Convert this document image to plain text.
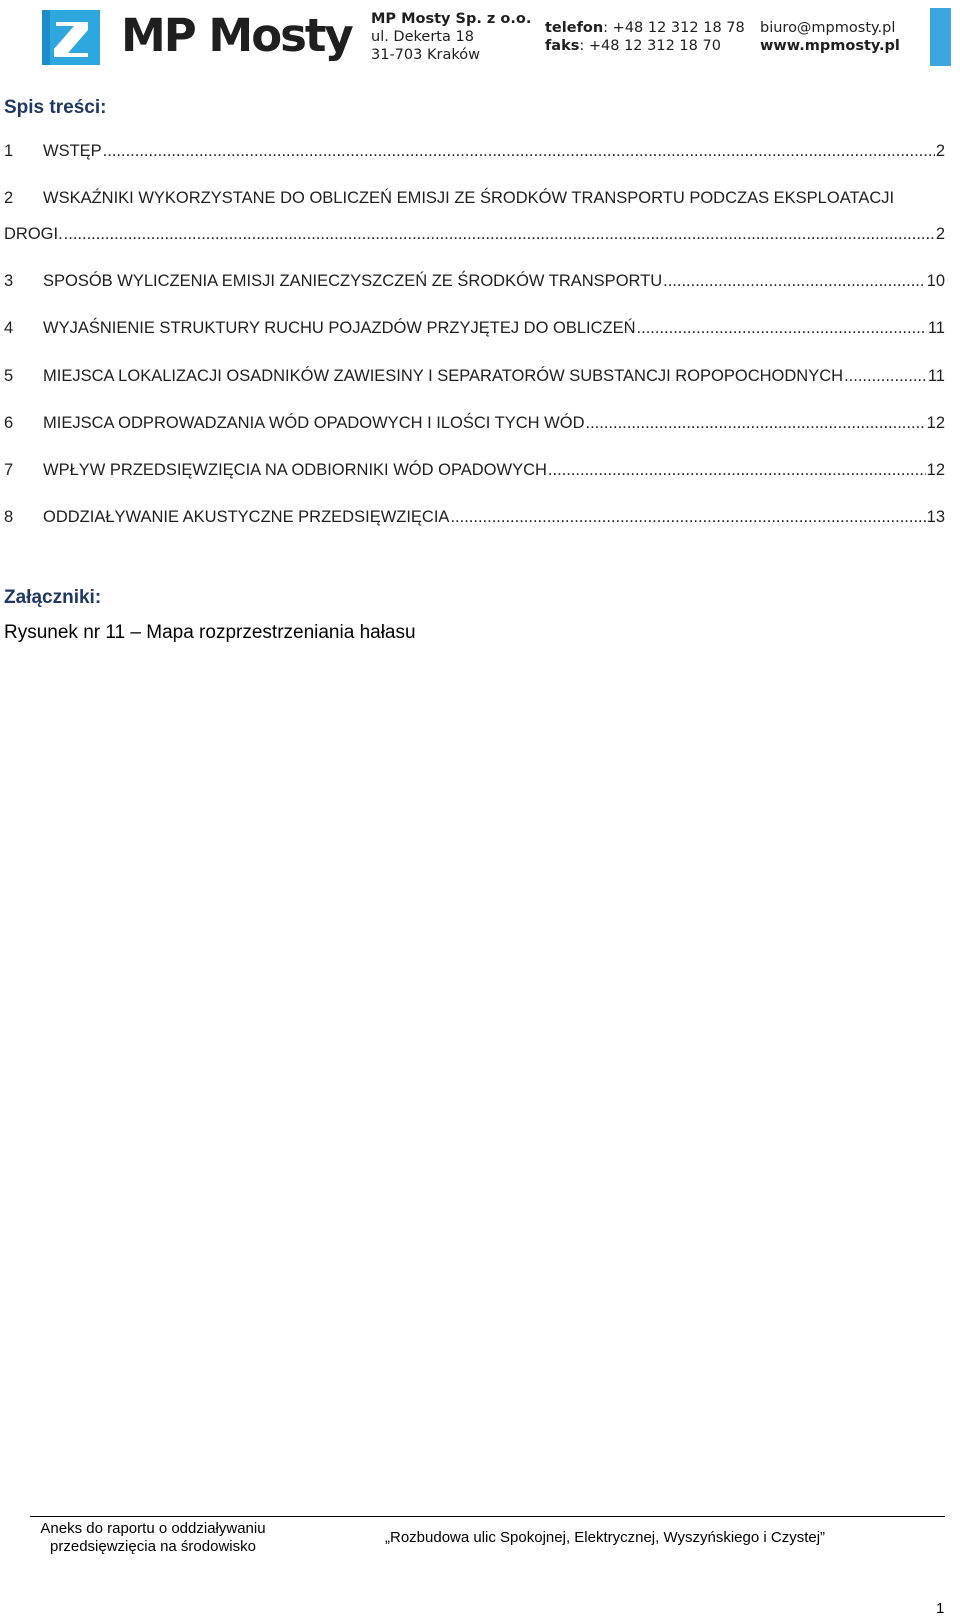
MP Mosty MP Mosty Sp. z o.o.
ul. Dekerta 18
31-703 Kraków
telefon: +48 12 312 18 78
faks: +48 12 312 18 70
biuro@mpmosty.pl
www.mpmosty.pl
Spis treści:
1	WSTĘP .....	2
2 WSKAŹNIKI WYKORZYSTANE DO OBLICZEŃ EMISJI ZE ŚRODKÓW TRANSPORTU PODCZAS EKSPLOATACJI
DROGI. .....	2
3	SPOSÓB WYLICZENIA EMISJI ZANIECZYSZCZEŃ ZE ŚRODKÓW TRANSPORTU .....	10
4	WYJAŚNIENIE STRUKTURY RUCHU POJAZDÓW PRZYJĘTEJ DO OBLICZEŃ .....	11
5	MIEJSCA LOKALIZACJI OSADNIKÓW ZAWIESINY I SEPARATORÓW SUBSTANCJI ROPOPOCHODNYCH .....	11
6	MIEJSCA ODPROWADZANIA WÓD OPADOWYCH I ILOŚCI TYCH WÓD .....	12
7	WPŁYW PRZEDSIĘWZIĘCIA NA ODBIORNIKI WÓD OPADOWYCH .....	12
8	ODDZIAŁYWANIE AKUSTYCZNE PRZEDSIĘWZIĘCIA .....	13
Załączniki:
Rysunek nr 11 – Mapa rozprzestrzeniania hałasu
Aneks do raportu o oddziaływaniu
przedsięwzięcia na środowisko
„Rozbudowa ulic Spokojnej, Elektrycznej, Wyszyńskiego i Czystej”
1
